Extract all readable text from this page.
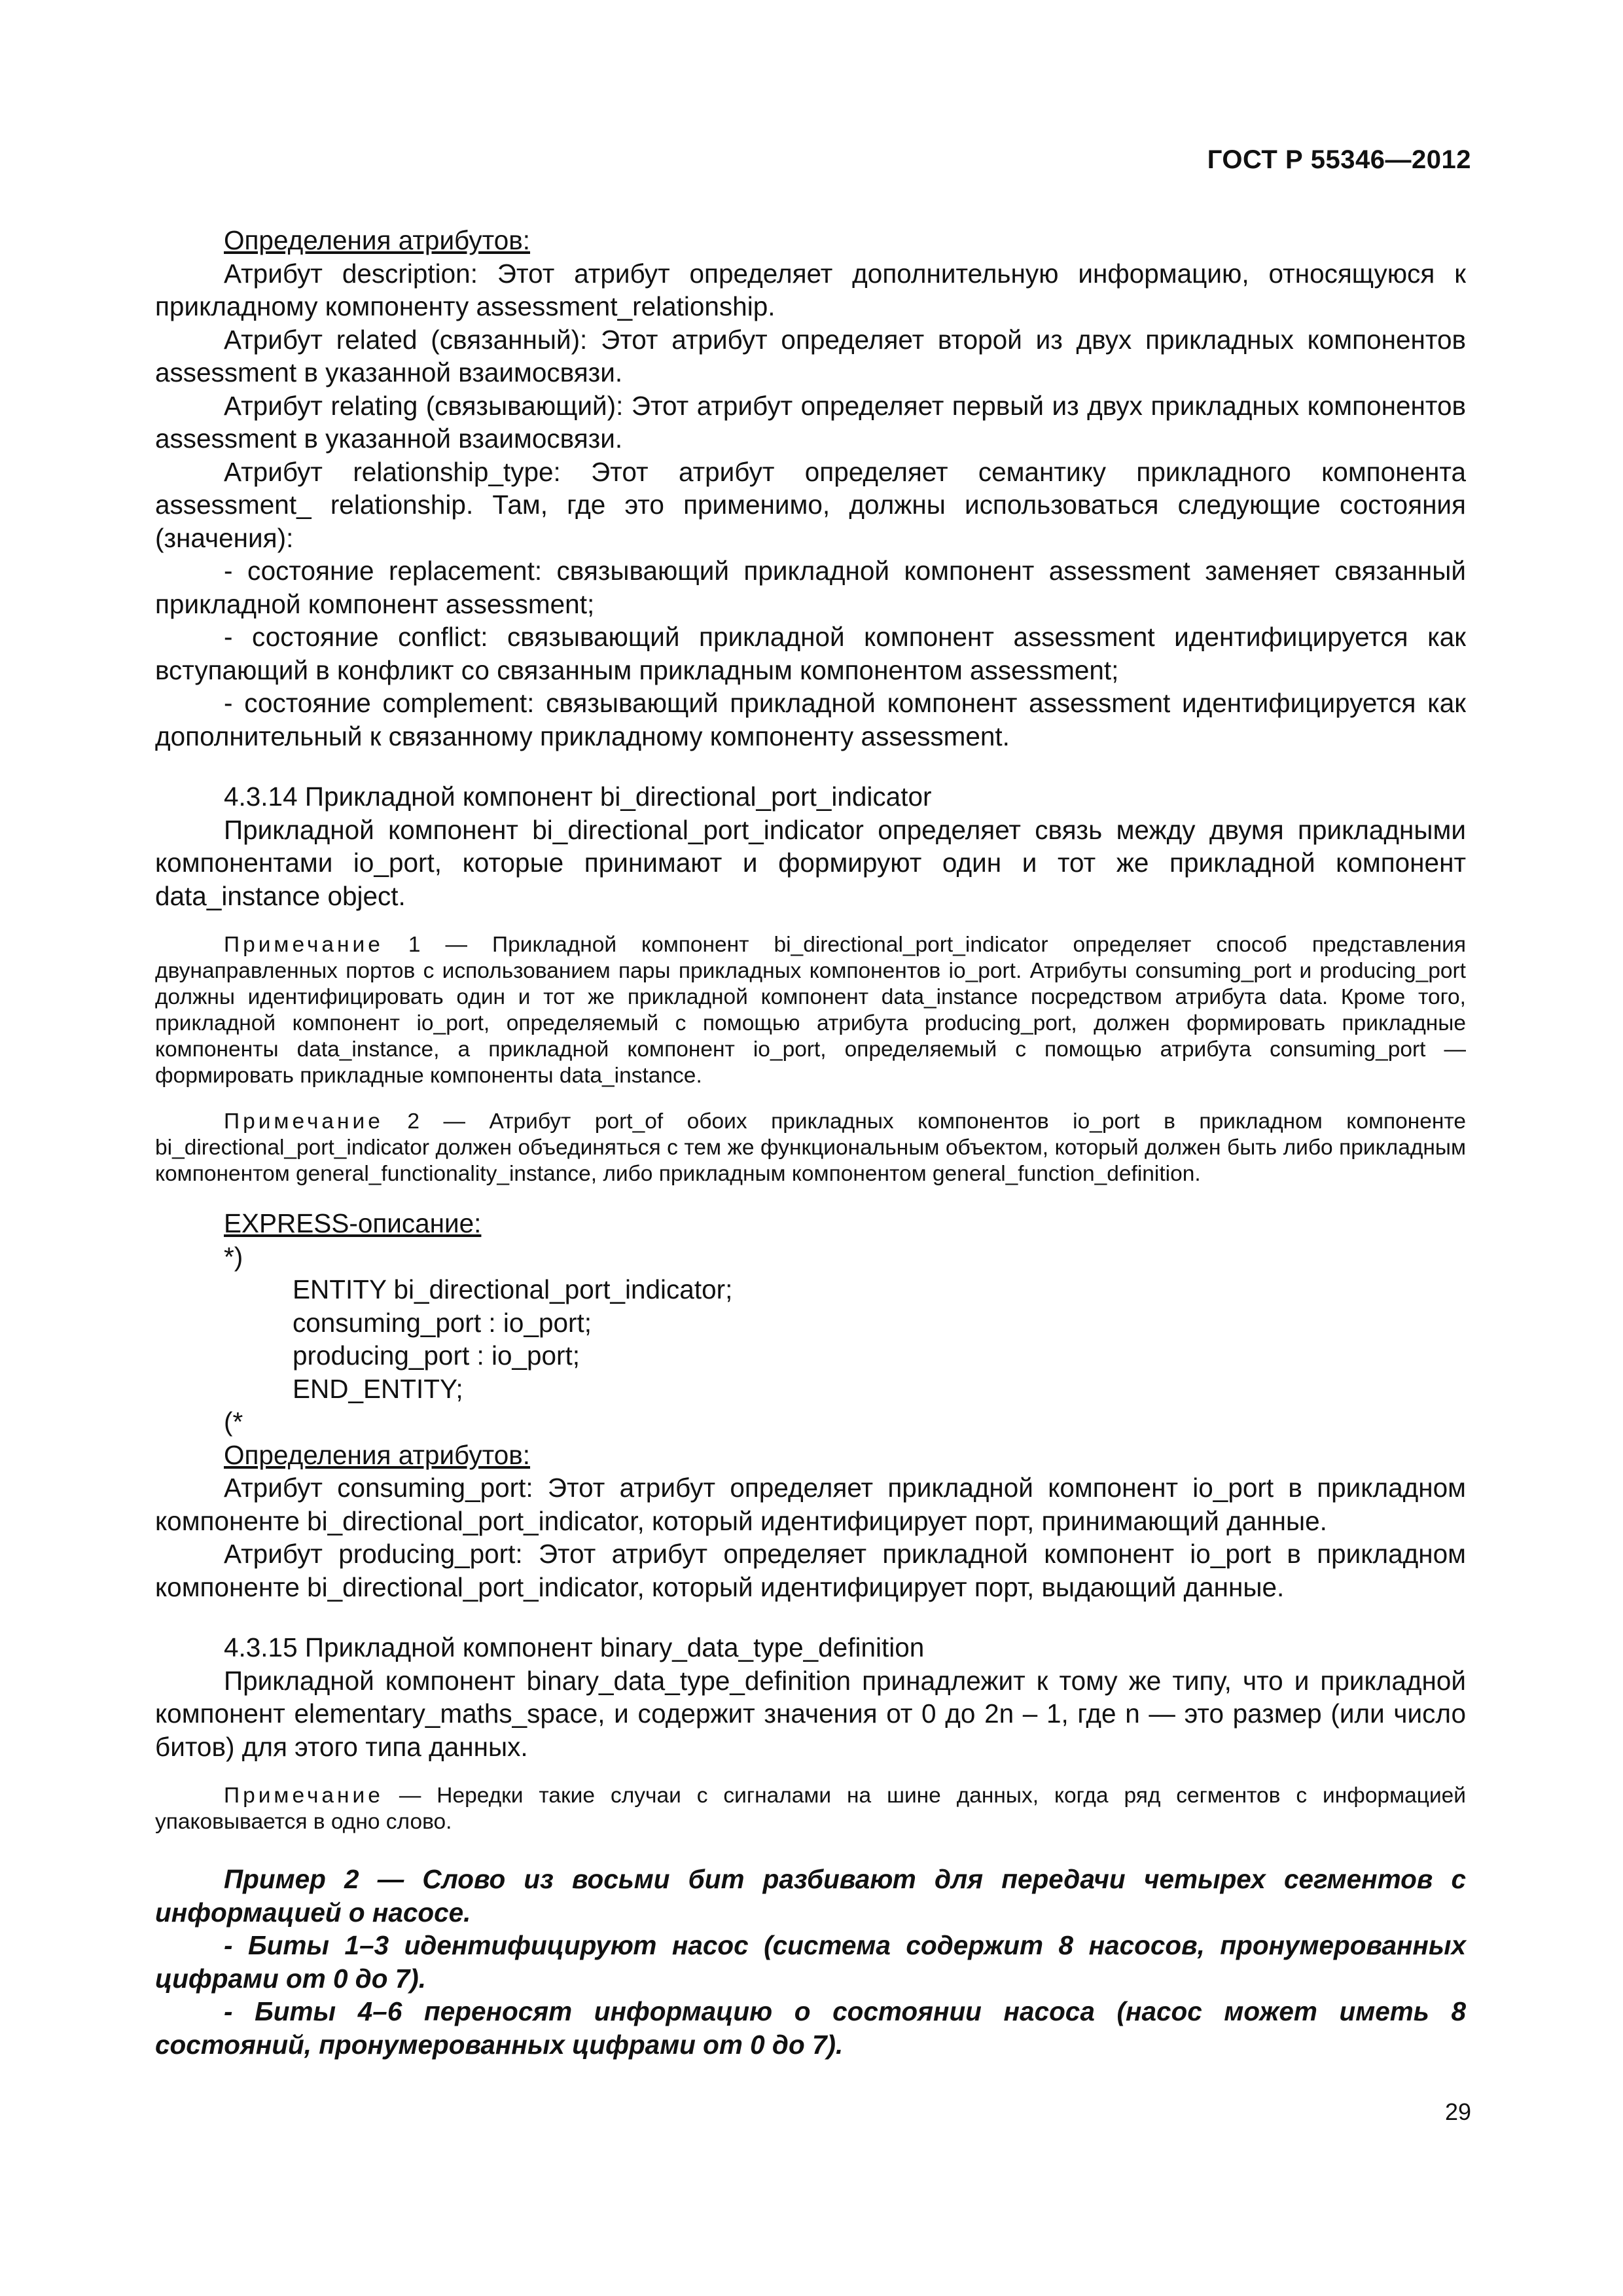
ГОСТ Р 55346—2012

Определения атрибутов:

Атрибут description: Этот атрибут определяет дополнительную информацию, относящуюся к прикладному компоненту assessment_relationship.

Атрибут related (связанный): Этот атрибут определяет второй из двух прикладных компонентов assessment в указанной взаимосвязи.

Атрибут relating (связывающий): Этот атрибут определяет первый из двух прикладных компонентов assessment в указанной взаимосвязи.

Атрибут relationship_type: Этот атрибут определяет семантику прикладного компонента assessment_ relationship. Там, где это применимо, должны использоваться следующие состояния (значения):

- состояние replacement: связывающий прикладной компонент assessment заменяет связанный прикладной компонент assessment;

- состояние conflict: связывающий прикладной компонент assessment идентифицируется как вступающий в конфликт со связанным прикладным компонентом assessment;

- состояние complement: связывающий прикладной компонент assessment идентифицируется как дополнительный к связанному прикладному компоненту assessment.

4.3.14 Прикладной компонент bi_directional_port_indicator

Прикладной компонент bi_directional_port_indicator определяет связь между двумя прикладными компонентами io_port, которые принимают и формируют один и тот же прикладной компонент data_instance object.

Примечание 1 — Прикладной компонент bi_directional_port_indicator определяет способ представления двунаправленных портов с использованием пары прикладных компонентов io_port. Атрибуты consuming_port и producing_port должны идентифицировать один и тот же прикладной компонент data_instance посредством атрибута data. Кроме того, прикладной компонент io_port, определяемый с помощью атрибута producing_port, должен формировать прикладные компоненты data_instance, а прикладной компонент io_port, определяемый с помощью атрибута consuming_port — формировать прикладные компоненты data_instance.

Примечание 2 — Атрибут port_of обоих прикладных компонентов io_port в прикладном компоненте bi_directional_port_indicator должен объединяться с тем же функциональным объектом, который должен быть либо прикладным компонентом general_functionality_instance, либо прикладным компонентом general_function_definition.

EXPRESS-описание:

*)

ENTITY bi_directional_port_indicator;

consuming_port : io_port;

producing_port : io_port;

END_ENTITY;

(*

Определения атрибутов:

Атрибут consuming_port: Этот атрибут определяет прикладной компонент io_port в прикладном компоненте bi_directional_port_indicator, который идентифицирует порт, принимающий данные.

Атрибут producing_port: Этот атрибут определяет прикладной компонент io_port в прикладном компоненте bi_directional_port_indicator, который идентифицирует порт, выдающий данные.

4.3.15 Прикладной компонент binary_data_type_definition

Прикладной компонент binary_data_type_definition принадлежит к тому же типу, что и прикладной компонент elementary_maths_space, и содержит значения от 0 до 2n – 1, где n — это размер (или число битов) для этого типа данных.

Примечание — Нередки такие случаи с сигналами на шине данных, когда ряд сегментов с информацией упаковывается в одно слово.

Пример 2 — Слово из восьми бит разбивают для передачи четырех сегментов с информацией о насосе.

- Биты 1–3 идентифицируют насос (система содержит 8 насосов, пронумерованных цифрами от 0 до 7).

- Биты 4–6 переносят информацию о состоянии насоса (насос может иметь 8 состояний, пронумерованных цифрами от 0 до 7).

29
